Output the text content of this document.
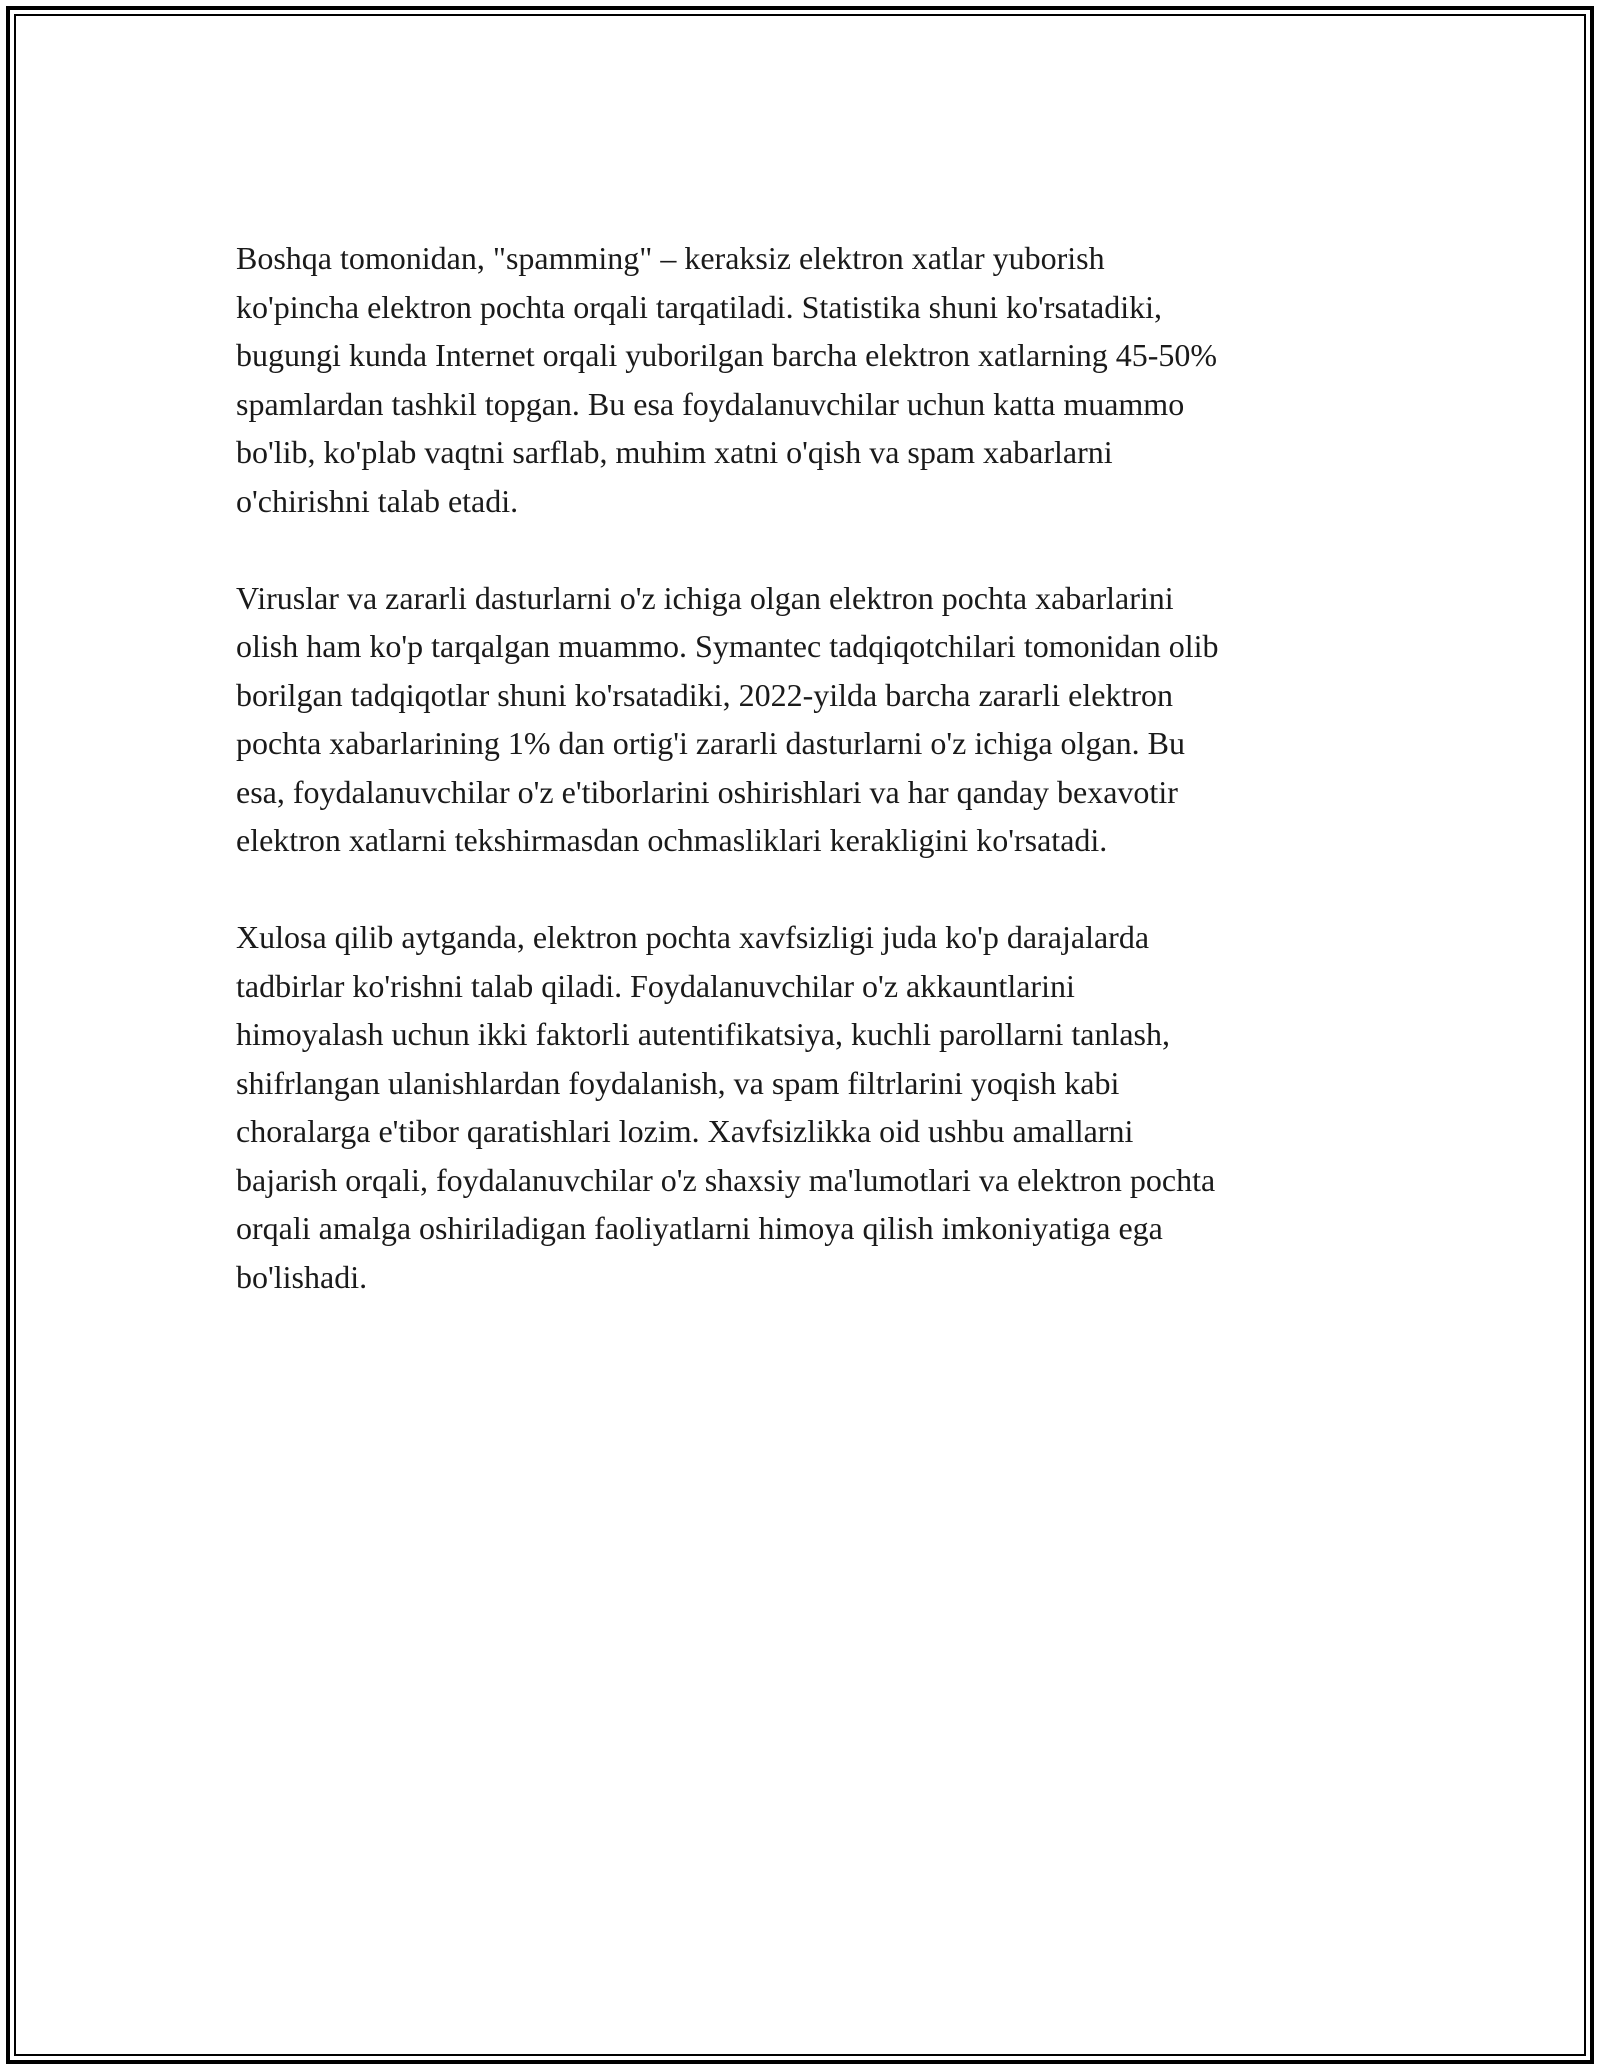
Boshqa tomonidan, "spamming" – keraksiz elektron xatlar yuborish
ko'pincha elektron pochta orqali tarqatiladi. Statistika shuni ko'rsatadiki,
bugungi kunda Internet orqali yuborilgan barcha elektron xatlarning 45-50%
spamlardan tashkil topgan. Bu esa foydalanuvchilar uchun katta muammo
bo'lib, ko'plab vaqtni sarflab, muhim xatni o'qish va spam xabarlarni
o'chirishni talab etadi.

Viruslar va zararli dasturlarni o'z ichiga olgan elektron pochta xabarlarini
olish ham ko'p tarqalgan muammo. Symantec tadqiqotchilari tomonidan olib
borilgan tadqiqotlar shuni ko'rsatadiki, 2022-yilda barcha zararli elektron
pochta xabarlarining 1% dan ortig'i zararli dasturlarni o'z ichiga olgan. Bu
esa, foydalanuvchilar o'z e'tiborlarini oshirishlari va har qanday bexavotir
elektron xatlarni tekshirmasdan ochmasliklari kerakligini ko'rsatadi.

Xulosa qilib aytganda, elektron pochta xavfsizligi juda ko'p darajalarda
tadbirlar ko'rishni talab qiladi. Foydalanuvchilar o'z akkauntlarini
himoyalash uchun ikki faktorli autentifikatsiya, kuchli parollarni tanlash,
shifrlangan ulanishlardan foydalanish, va spam filtrlarini yoqish kabi
choralarga e'tibor qaratishlari lozim. Xavfsizlikka oid ushbu amallarni
bajarish orqali, foydalanuvchilar o'z shaxsiy ma'lumotlari va elektron pochta
orqali amalga oshiriladigan faoliyatlarni himoya qilish imkoniyatiga ega
bo'lishadi.
